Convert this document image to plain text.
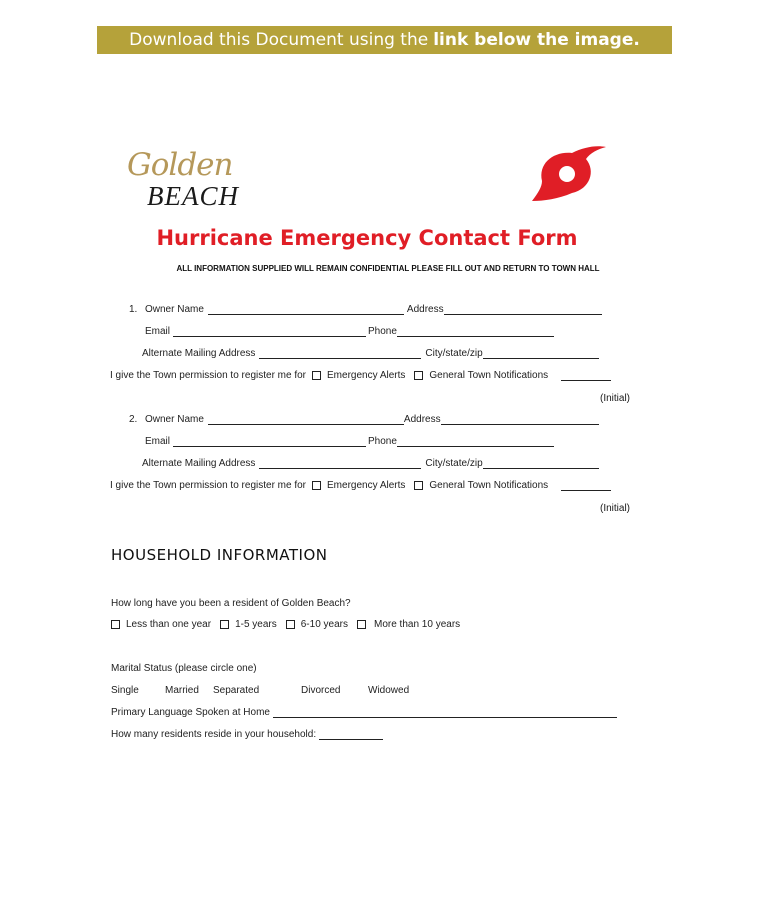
Download this Document using the link below the image.
Golden
BEACH
Hurricane Emergency Contact Form
ALL INFORMATION SUPPLIED WILL REMAIN CONFIDENTIAL PLEASE FILL OUT AND RETURN TO TOWN HALL
1. Owner Name	Address
Email	Phone
Alternate Mailing Address	City/state/zip
I give the Town permission to register me for Emergency Alerts General Town Notifications
(Initial)
2. Owner Name	Address
Email	Phone
Alternate Mailing Address	City/state/zip
I give the Town permission to register me for Emergency Alerts General Town Notifications
(Initial)
HOUSEHOLD INFORMATION
How long have you been a resident of Golden Beach?
Less than one year 1-5 years 6-10 years	More than 10 years
Marital Status (please circle one)
Single	Married	Separated	Divorced	Widowed
Primary Language Spoken at Home
How many residents reside in your household:
